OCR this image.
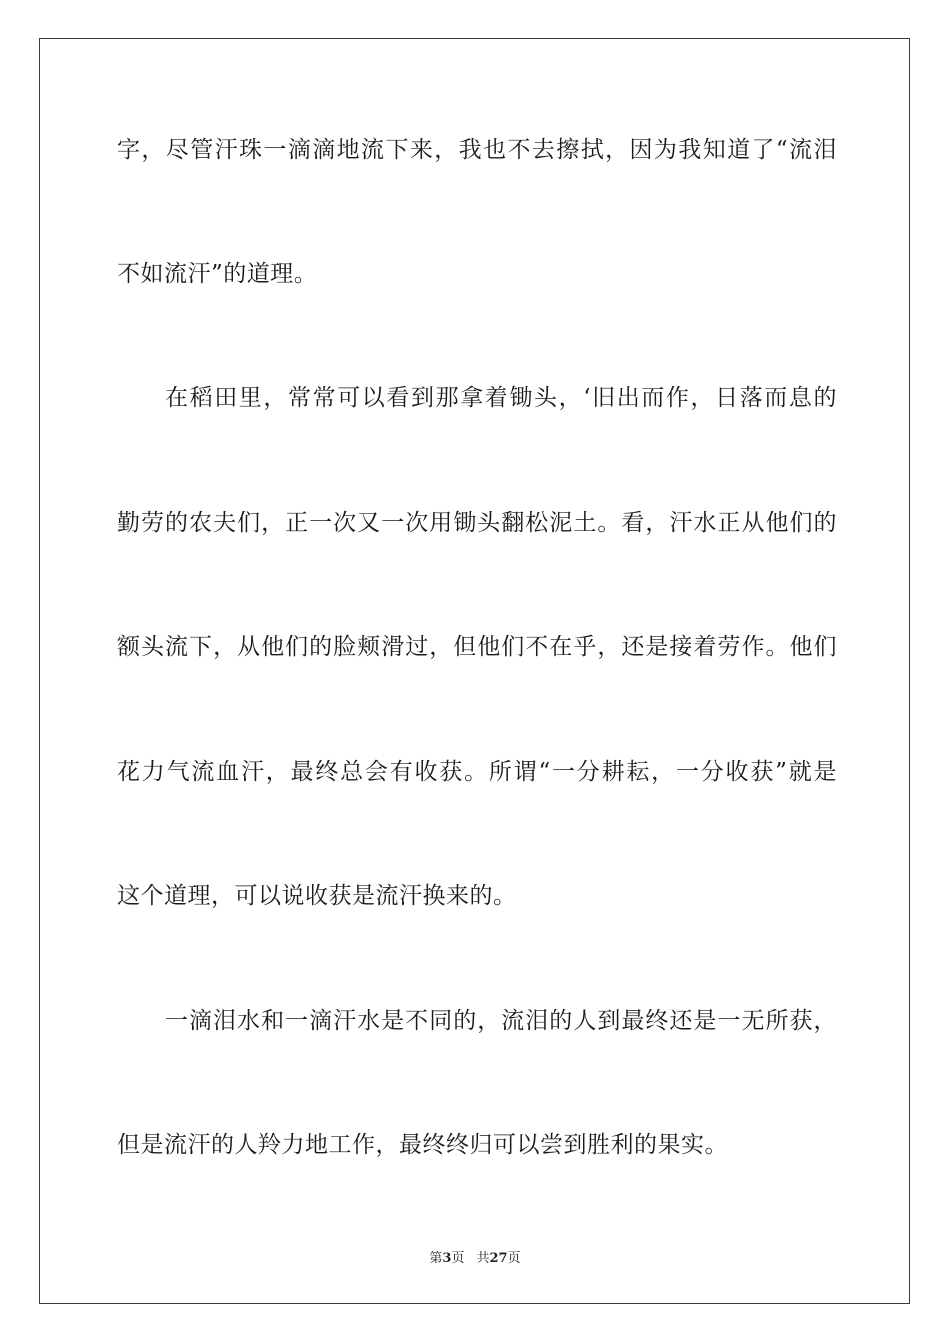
字，尽管汗珠一滴滴地流下来，我也不去擦拭，因为我知道了“流泪
不如流汗”的道理。
在稻田里，常常可以看到那拿着锄头，‘旧出而作，日落而息的
勤劳的农夫们，正一次又一次用锄头翻松泥土。看，汗水正从他们的
额头流下，从他们的脸颊滑过，但他们不在乎，还是接着劳作。他们
花力气流血汗，最终总会有收获。所谓“一分耕耘，一分收获”就是
这个道理，可以说收获是流汗换来的。
一滴泪水和一滴汗水是不同的，流泪的人到最终还是一无所获，
但是流汗的人羚力地工作，最终终归可以尝到胜利的果实。
第3页 共27页
